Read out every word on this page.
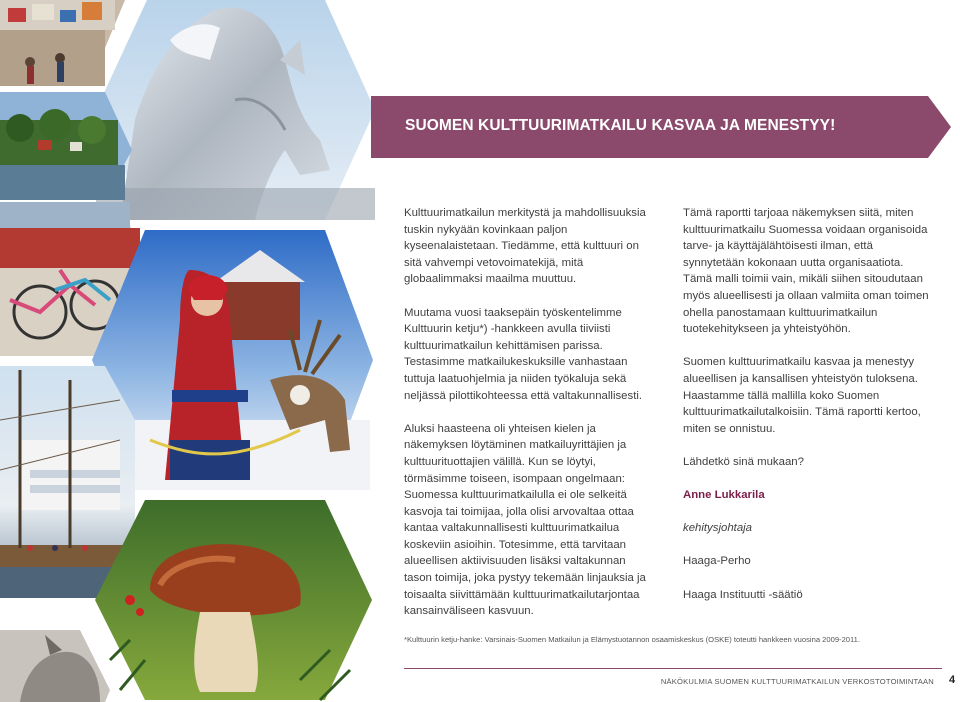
SUOMEN KULTTUURIMATKAILU KASVAA JA MENESTYY!

Kulttuurimatkailun merkitystä ja mahdollisuuksia tuskin nykyään kovinkaan paljon kyseenalaistetaan. Tiedämme, että kulttuuri on sitä vahvempi vetovoimatekijä, mitä globaalimmaksi maailma muuttuu.

Muutama vuosi taaksepäin työskentelimme Kulttuurin ketju*) -hankkeen avulla tiiviisti kulttuurimatkailun kehittämisen parissa. Testasimme matkailukeskuksille vanhastaan tuttuja laatuohjelmia ja niiden työkaluja sekä neljässä pilottikohteessa että valtakunnallisesti.

Aluksi haasteena oli yhteisen kielen ja näkemyksen löytäminen matkailuyrittäjien ja kulttuurituottajien välillä. Kun se löytyi, törmäsimme toiseen, isompaan ongelmaan: Suomessa kulttuurimatkailulla ei ole selkeitä kasvoja tai toimijaa, jolla olisi arvovaltaa ottaa kantaa valtakunnallisesti kulttuurimatkailua koskeviin asioihin. Totesimme, että tarvitaan alueellisen aktiivisuuden lisäksi valtakunnan tason toimija, joka pystyy tekemään linjauksia ja toisaalta siivittämään kulttuurimatkailutarjontaa kansainväliseen kasvuun.

Tämä raportti tarjoaa näkemyksen siitä, miten kulttuurimatkailu Suomessa voidaan organisoida tarve- ja käyttäjälähtöisesti ilman, että synnytetään kokonaan uutta organisaatiota. Tämä malli toimii vain, mikäli siihen sitoudutaan myös alueellisesti ja ollaan valmiita oman toimen ohella panostamaan kulttuurimatkailun tuotekehitykseen ja yhteistyöhön.

Suomen kulttuurimatkailu kasvaa ja menestyy alueellisen ja kansallisen yhteistyön tuloksena. Haastamme tällä mallilla koko Suomen kulttuurimatkailutalkoisiin. Tämä raportti kertoo, miten se onnistuu.

Lähdetkö sinä mukaan?

Anne Lukkarila

kehitysjohtaja

Haaga-Perho

Haaga Instituutti -säätiö

*Kulttuurin ketju-hanke: Varsinais-Suomen Matkailun ja Elämystuotannon osaamiskeskus (OSKE) toteutti hankkeen vuosina 2009-2011.
NÄKÖKULMIA SUOMEN KULTTUURIMATKAILUN VERKOSTOTOIMINTAAN 4
